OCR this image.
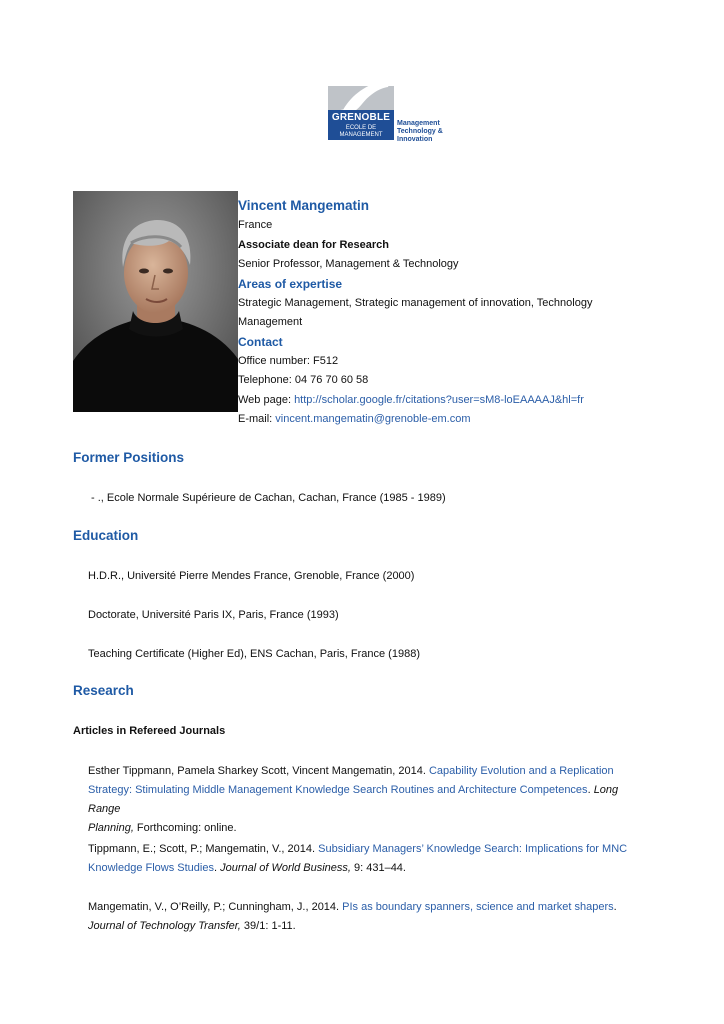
GRENOBLE
ECOLE DE
MANAGEMENT
Management
Technology &
Innovation
Vincent Mangematin
France
Associate dean for Research
Senior Professor, Management & Technology
Areas of expertise
Strategic Management, Strategic management of innovation, Technology Management
Contact
Office number: F512
Telephone: 04 76 70 60 58
Web page: http://scholar.google.fr/citations?user=sM8-loEAAAAJ&hl=fr
E-mail: vincent.mangematin@grenoble-em.com
Former Positions
- ., Ecole Normale Supérieure de Cachan, Cachan, France (1985 - 1989)
Education
H.D.R., Université Pierre Mendes France, Grenoble, France (2000)
Doctorate, Université Paris IX, Paris, France (1993)
Teaching Certificate (Higher Ed), ENS Cachan, Paris, France (1988)
Research
Articles in Refereed Journals
Esther Tippmann, Pamela Sharkey Scott, Vincent Mangematin, 2014. Capability Evolution and a Replication
Strategy: Stimulating Middle Management Knowledge Search Routines and Architecture Competences. Long Range
Planning, Forthcoming: online.
Tippmann, E.; Scott, P.; Mangematin, V., 2014. Subsidiary Managers’ Knowledge Search: Implications for MNC
Knowledge Flows Studies. Journal of World Business, 9: 431–44.
Mangematin, V., O’Reilly, P.; Cunningham, J., 2014. PIs as boundary spanners, science and market shapers.
Journal of Technology Transfer, 39/1: 1-11.
